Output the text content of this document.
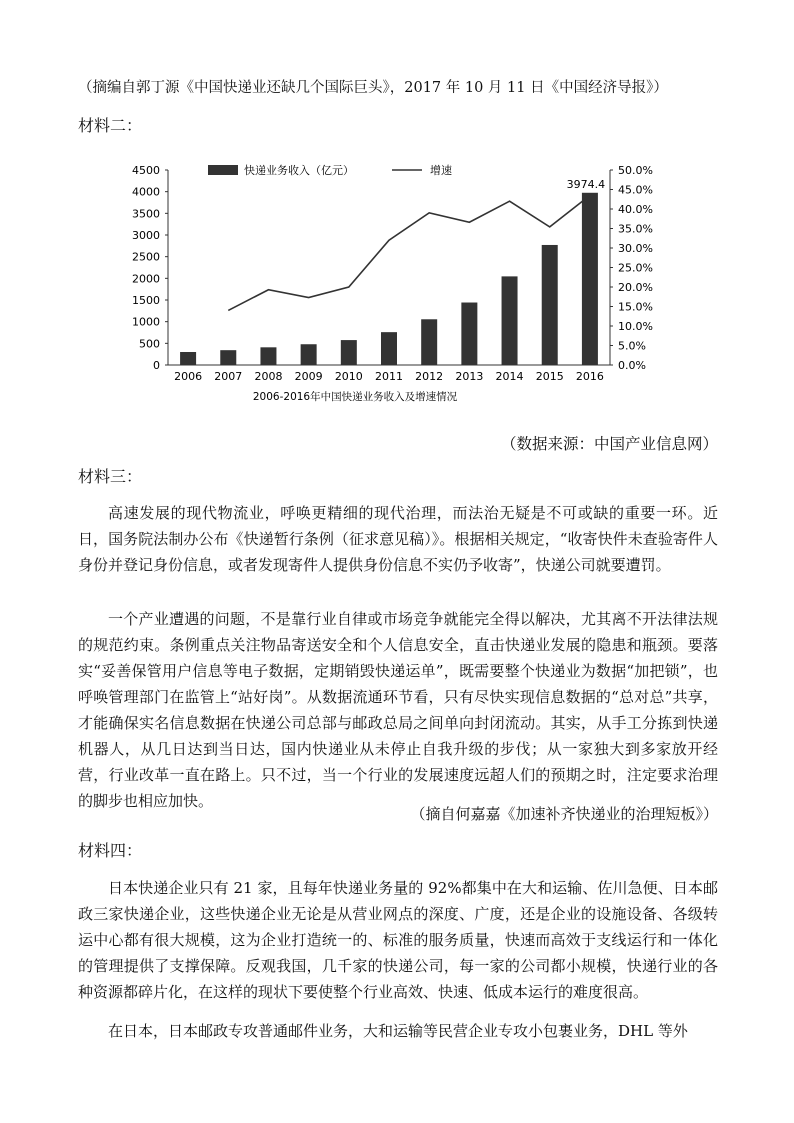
（摘编自郭丁源《中国快递业还缺几个国际巨头》，2017 年 10 月 11 日《中国经济导报》）
材料二：
0
500
1000
1500
2000
2500
3000
3500
4000
4500
0.0%
5.0%
10.0%
15.0%
20.0%
25.0%
30.0%
35.0%
40.0%
45.0%
50.0%
2006 2007 2008 2009 2010 2011 2012 2013 2014 2015 2016
快递业务收入（亿元）	增速
3974.4
2006-2016年中国快递业务收入及增速情况
（数据来源：中国产业信息网）
材料三：
高速发展的现代物流业，呼唤更精细的现代治理，而法治无疑是不可或缺的重要一环。近日，国务院法制办公布《快递暂行条例（征求意见稿）》。根据相关规定，“收寄快件未查验寄件人身份并登记身份信息，或者发现寄件人提供身份信息不实仍予收寄”，快递公司就要遭罚。
一个产业遭遇的问题，不是靠行业自律或市场竞争就能完全得以解决，尤其离不开法律法规的规范约束。条例重点关注物品寄送安全和个人信息安全，直击快递业发展的隐患和瓶颈。要落实“妥善保管用户信息等电子数据，定期销毁快递运单”，既需要整个快递业为数据“加把锁”，也呼唤管理部门在监管上“站好岗”。从数据流通环节看，只有尽快实现信息数据的“总对总”共享，才能确保实名信息数据在快递公司总部与邮政总局之间单向封闭流动。其实，从手工分拣到快递机器人，从几日达到当日达，国内快递业从未停止自我升级的步伐；从一家独大到多家放开经营，行业改革一直在路上。只不过，当一个行业的发展速度远超人们的预期之时，注定要求治理的脚步也相应加快。
（摘自何嘉嘉《加速补齐快递业的治理短板》）
材料四：
日本快递企业只有 21 家，且每年快递业务量的 92%都集中在大和运输、佐川急便、日本邮政三家快递企业，这些快递企业无论是从营业网点的深度、广度，还是企业的设施设备、各级转运中心都有很大规模，这为企业打造统一的、标准的服务质量，快速而高效于支线运行和一体化的管理提供了支撑保障。反观我国，几千家的快递公司，每一家的公司都小规模，快递行业的各种资源都碎片化，在这样的现状下要使整个行业高效、快速、低成本运行的难度很高。
在日本，日本邮政专攻普通邮件业务，大和运输等民营企业专攻小包裹业务，DHL 等外
